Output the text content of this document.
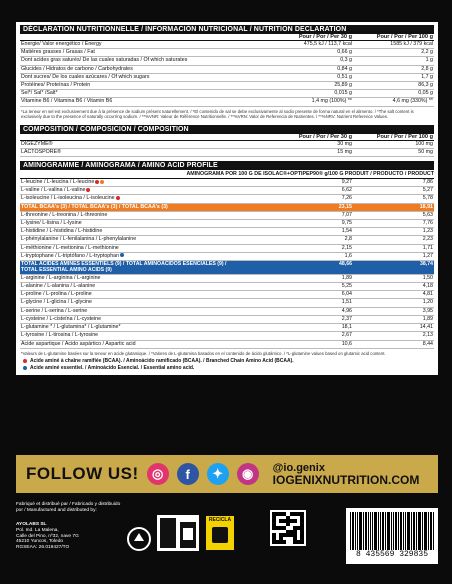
DÉCLARATION NUTRITIONNELLE / INFORMACIÓN NUTRICIONAL / NUTRITION DECLARATION
Pour / Por / Per 30 g	Pour / Por / Per 100 g
Énergie/ Valor energético / Energy	475,5 kJ / 113,7 kcal	1585 kJ / 379 kcal
Matières grasses / Grasas / Fat	0,66 g	2,2 g
Dont acides gras saturés/ De las cuales saturadas / Of which saturates	0,3 g	1 g
Glucides / Hidratos de carbono / Carbohydrates	0,84 g	2,8 g
Dont sucres/ De los cuales azúcares / Of which sugars	0,51 g	1,7 g
Protéines/ Proteínas / Protein	25,89 g	86,3 g
Sel*/ Sal* /Salt*	0,015 g	0,05 g
Vitamine B6 / Vitamina B6 / Vitamin B6	1,4 mg (100%) **	4,6 mg (330%) **
*La teneur en sel est exclusivement due à la présence de sodium présent naturellement. / *El contenido de sal se debe exclusivamente al sodio presente de forma natural en el alimento. / *The salt content is exclusively due to the presence of naturally occurring sodium. / **%VNR: Valeur de Référence Nutritionnelle. / **%VRN: Valor de Referencia de Nutrientes. / **%NRV: Nutrient Reference Values.
COMPOSITION / COMPOSICIÓN / COMPOSITION
Pour / Por / Per 30 g	Pour / Por / Per 100 g
DIGEZYME®	30 mg	100 mg
LACTOSPORE®	15 mg	50 mg
AMINOGRAMME / AMINOGRAMA / AMINO ACID PROFILE
AMINOGRAMA POR 100 G DE ISOLAC®+OPTIPEP90® g/100 G PRODUIT / PRODUCTO / PRODUCT
L-leucine / L-leucina / L-leucine	9,27	7,86
L-valine / L-valina / L-valine	6,62	5,27
L-isoleucine / L-isoleucina / L-isoleucine	7,26	5,78
TOTAL BCAA's (3) / TOTAL BCAA's (3) / TOTAL BCAA's (3)	23,15	18,91
L-threonine / L-treonina / L-threonine	7,07	5,63
L-lysine/ L-lisina / L-lysine	9,75	7,76
L-histidine / L-histidina / L-histidine	1,54	1,23
L-phénylalanine / L-fenilalanina / L-phenylalanine	2,8	2,23
L-méthionine / L-metionina / L-methionine	2,15	1,71
L-tryptophane / L-triptófano / L-tryptophan	1,6	1,27
TOTAL ACIDES AMINÉS ESSENTIELS (9) / TOTAL AMINOÁCIDOS ESENCIALES (9) / TOTAL ESSENTIAL AMINO ACIDS (9)
48,66	38,74
L-arginine / L-arginina / L-arginine	1,89	1,50
L-alanine / L-alanina / L-alanine	5,25	4,18
L-proline / L-prolina / L-proline	6,04	4,81
L-glycine / L-glicina / L-glycine	1,51	1,20
L-serine / L-serina / L-serine	4,96	3,95
L-cysteine / L-cisteína / L-cysteine	2,37	1,89
L-glutamine * / L-glutamina* / L-glutamine*	18,1	14,41
L-tyrosine / L-tirosina / L-tyrosine	2,67	2,13
Acide aspartique / Ácido aspártico / Aspartic acid	10,6	8,44
*Valeurs de L-glutamine basées sur la teneur en acide glutamique. / *Valores de L-glutamina basados en el contenido de ácido glutámico. / *L-glutamine values based on glutamic acid content.
Acide aminé à chaîne ramifiée (BCAA). / Aminoácido ramificado (BCAA). / Branched Chain Amino Acid (BCAA).
Acide aminé essentiel. / Aminoácido Esencial. / Essential amino acid.
FOLLOW US!	◎	f	✦	◉	@io.genix
IOGENIXNUTRITION.COM
Fabriqué et distribué par / Fabricado y distribuido por / Manufactured and distributed by:
AYOLABS SL
Pol. Ind. La Malena,
Calle del Pino, nº32, nave 7G
45210 Yuncos, Toledo
RGSEAA: 26.019427/TO
RECICLA
8 435569 329835
